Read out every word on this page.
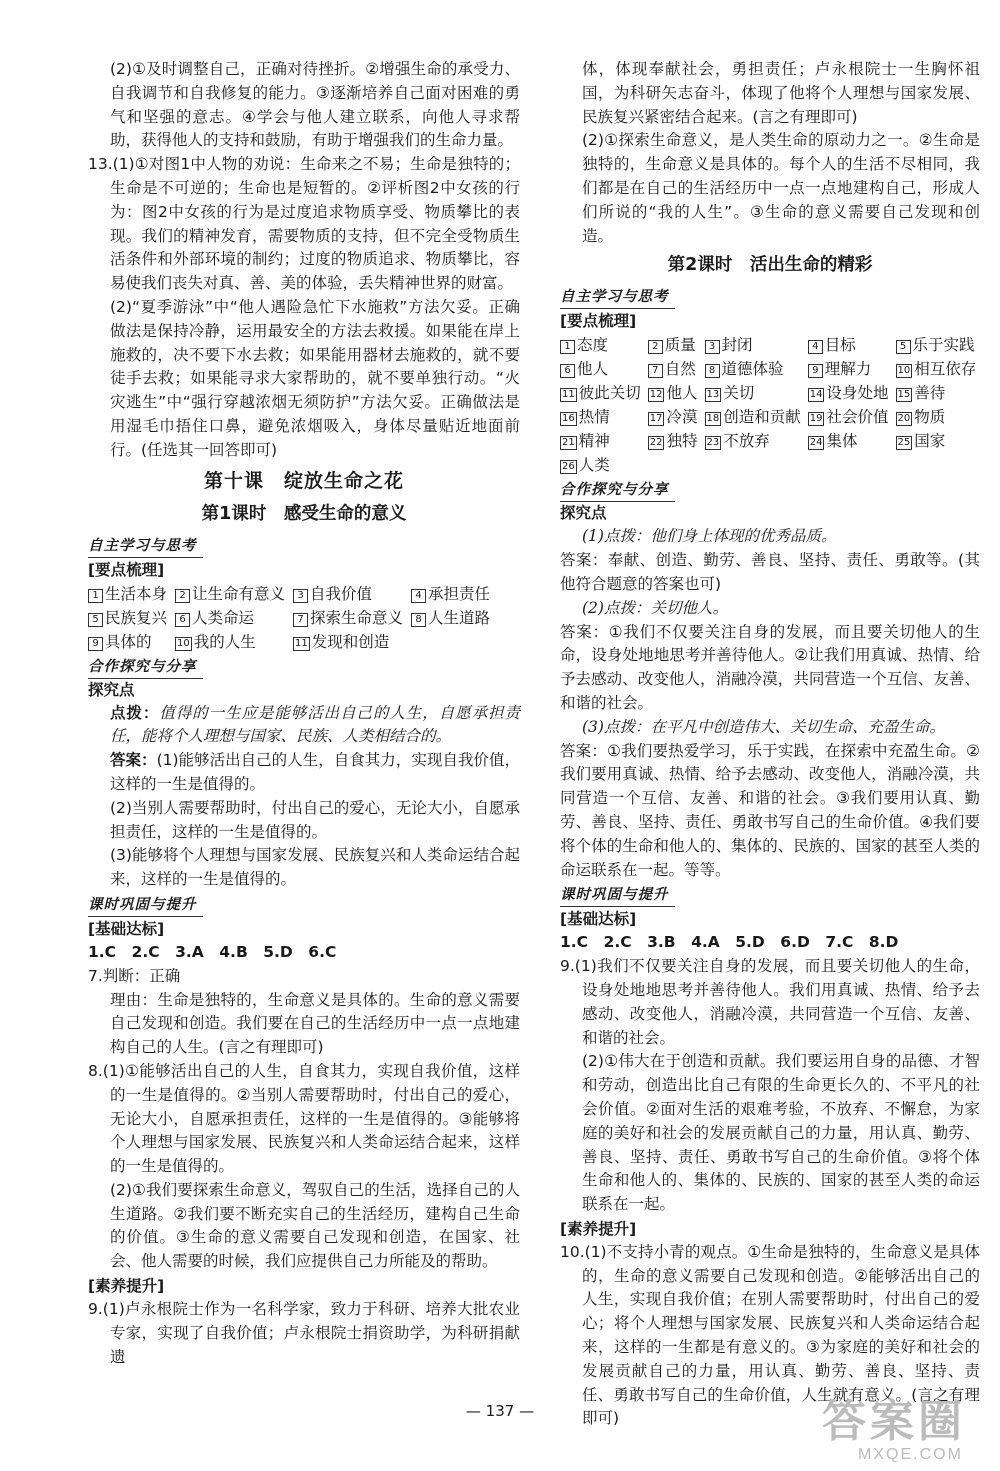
(2)①及时调整自己，正确对待挫折。②增强生命的承受力、自我调节和自我修复的能力。③逐渐培养自己面对困难的勇气和坚强的意志。④学会与他人建立联系，向他人寻求帮助，获得他人的支持和鼓励，有助于增强我们的生命力量。

13.(1)①对图1中人物的劝说：生命来之不易；生命是独特的；生命是不可逆的；生命也是短暂的。②评析图2中女孩的行为：图2中女孩的行为是过度追求物质享受、物质攀比的表现。我们的精神发育，需要物质的支持，但不完全受物质生活条件和外部环境的制约；过度的物质追求、物质攀比，容易使我们丧失对真、善、美的体验，丢失精神世界的财富。

(2)“夏季游泳”中“他人遇险急忙下水施救”方法欠妥。正确做法是保持冷静，运用最安全的方法去救援。如果能在岸上施救的，决不要下水去救；如果能用器材去施救的，就不要徒手去救；如果能寻求大家帮助的，就不要单独行动。“火灾逃生”中“强行穿越浓烟无须防护”方法欠妥。正确做法是用湿毛巾捂住口鼻，避免浓烟吸入，身体尽量贴近地面前行。(任选其一回答即可)

第十课　绽放生命之花
第1课时　感受生命的意义
自主学习与思考
[要点梳理]
1 生活本身	2 让生命有意义	3 自我价值	4 承担责任
5 民族复兴	6 人类命运	7 探索生命意义	8 人生道路
9 具体的	10 我的人生	11 发现和创造
合作探究与分享
探究点

点拨：值得的一生应是能够活出自己的人生，自愿承担责任，能将个人理想与国家、民族、人类相结合的。

答案：(1)能够活出自己的人生，自食其力，实现自我价值，这样的一生是值得的。

(2)当别人需要帮助时，付出自己的爱心，无论大小，自愿承担责任，这样的一生是值得的。

(3)能够将个人理想与国家发展、民族复兴和人类命运结合起来，这样的一生是值得的。

课时巩固与提升
[基础达标]

1.C　2.C　3.A　4.B　5.D　6.C

7.判断：正确

理由：生命是独特的，生命意义是具体的。生命的意义需要自己发现和创造。我们要在自己的生活经历中一点一点地建构自己的人生。(言之有理即可)

8.(1)①能够活出自己的人生，自食其力，实现自我价值，这样的一生是值得的。②当别人需要帮助时，付出自己的爱心，无论大小，自愿承担责任，这样的一生是值得的。③能够将个人理想与国家发展、民族复兴和人类命运结合起来，这样的一生是值得的。

(2)①我们要探索生命意义，驾驭自己的生活，选择自己的人生道路。②我们要不断充实自己的生活经历，建构自己生命的价值。③生命的意义需要自己发现和创造，在国家、社会、他人需要的时候，我们应提供自己力所能及的帮助。

[素养提升]

9.(1)卢永根院士作为一名科学家，致力于科研、培养大批农业专家，实现了自我价值；卢永根院士捐资助学，为科研捐献遗

体，体现奉献社会，勇担责任；卢永根院士一生胸怀祖国，为科研矢志奋斗，体现了他将个人理想与国家发展、民族复兴紧密结合起来。(言之有理即可)

(2)①探索生命意义，是人类生命的原动力之一。②生命是独特的，生命意义是具体的。每个人的生活不尽相同，我们都是在自己的生活经历中一点一点地建构自己，形成人们所说的“我的人生”。③生命的意义需要自己发现和创造。

第2课时　活出生命的精彩
自主学习与思考
[要点梳理]
1 态度	2 质量	3 封闭	4 目标	5 乐于实践
6 他人	7 自然	8 道德体验	9 理解力	10 相互依存
11 彼此关切 12 他人 13 关切	14 设身处地 15 善待
16 热情	17 冷漠 18 创造和贡献 19 社会价值 20 物质
21 精神	22 独特 23 不放弃	24 集体	25 国家
26 人类
合作探究与分享
探究点

(1)点拨：他们身上体现的优秀品质。

答案：奉献、创造、勤劳、善良、坚持、责任、勇敢等。(其他符合题意的答案也可)

(2)点拨：关切他人。

答案：①我们不仅要关注自身的发展，而且要关切他人的生命，设身处地地思考并善待他人。②让我们用真诚、热情、给予去感动、改变他人，消融冷漠，共同营造一个互信、友善、和谐的社会。

(3)点拨：在平凡中创造伟大、关切生命、充盈生命。

答案：①我们要热爱学习，乐于实践，在探索中充盈生命。②我们要用真诚、热情、给予去感动、改变他人，消融冷漠，共同营造一个互信、友善、和谐的社会。③我们要用认真、勤劳、善良、坚持、责任、勇敢书写自己的生命价值。④我们要将个体的生命和他人的、集体的、民族的、国家的甚至人类的命运联系在一起。等等。

课时巩固与提升
[基础达标]

1.C　2.C　3.B　4.A　5.D　6.D　7.C　8.D

9.(1)我们不仅要关注自身的发展，而且要关切他人的生命，设身处地地思考并善待他人。我们用真诚、热情、给予去感动、改变他人，消融冷漠，共同营造一个互信、友善、和谐的社会。

(2)①伟大在于创造和贡献。我们要运用自身的品德、才智和劳动，创造出比自己有限的生命更长久的、不平凡的社会价值。②面对生活的艰难考验，不放弃、不懈怠，为家庭的美好和社会的发展贡献自己的力量，用认真、勤劳、善良、坚持、责任、勇敢书写自己的生命价值。③将个体生命和他人的、集体的、民族的、国家的甚至人类的命运联系在一起。

[素养提升]

10.(1)不支持小青的观点。①生命是独特的，生命意义是具体的，生命的意义需要自己发现和创造。②能够活出自己的人生，实现自我价值；在别人需要帮助时，付出自己的爱心；将个人理想与国家发展、民族复兴和人类命运结合起来，这样的一生都是有意义的。③为家庭的美好和社会的发展贡献自己的力量，用认真、勤劳、善良、坚持、责任、勇敢书写自己的生命价值，人生就有意义。(言之有理即可)

— 137 —	答案圈
MXQE.COM
